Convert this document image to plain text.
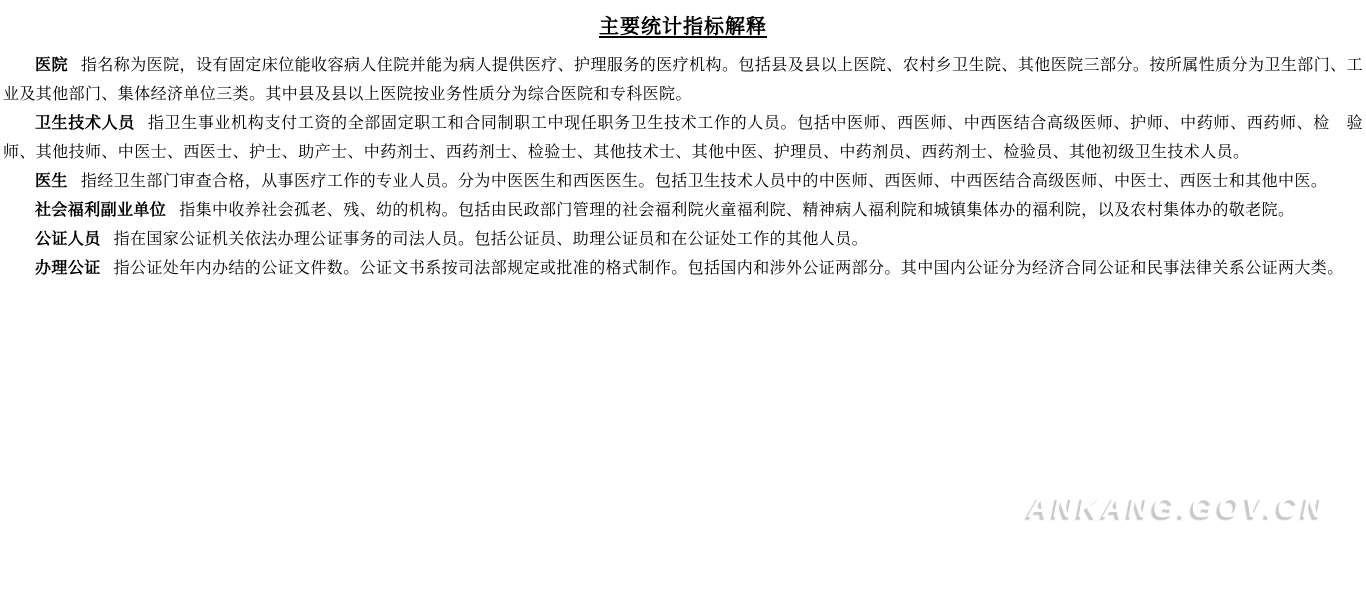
主要统计指标解释

医院 指名称为医院，设有固定床位能收容病人住院并能为病人提供医疗、护理服务的医疗机构。包括县及县以上医院、农村乡卫生院、其他医院三部分。按所属性质分为卫生部门、工业及其他部门、集体经济单位三类。其中县及县以上医院按业务性质分为综合医院和专科医院。

卫生技术人员 指卫生事业机构支付工资的全部固定职工和合同制职工中现任职务卫生技术工作的人员。包括中医师、西医师、中西医结合高级医师、护师、中药师、西药师、检　验师、其他技师、中医士、西医士、护士、助产士、中药剂士、西药剂士、检验士、其他技术士、其他中医、护理员、中药剂员、西药剂士、检验员、其他初级卫生技术人员。

医生 指经卫生部门审查合格，从事医疗工作的专业人员。分为中医医生和西医医生。包括卫生技术人员中的中医师、西医师、中西医结合高级医师、中医士、西医士和其他中医。

社会福利副业单位 指集中收养社会孤老、残、幼的机构。包括由民政部门管理的社会福利院火童福利院、精神病人福利院和城镇集体办的福利院，以及农村集体办的敬老院。

公证人员 指在国家公证机关依法办理公证事务的司法人员。包括公证员、助理公证员和在公证处工作的其他人员。

办理公证 指公证处年内办结的公证文件数。公证文书系按司法部规定或批准的格式制作。包括国内和涉外公证两部分。其中国内公证分为经济合同公证和民事法律关系公证两大类。

ANKANG.GOV.CN
